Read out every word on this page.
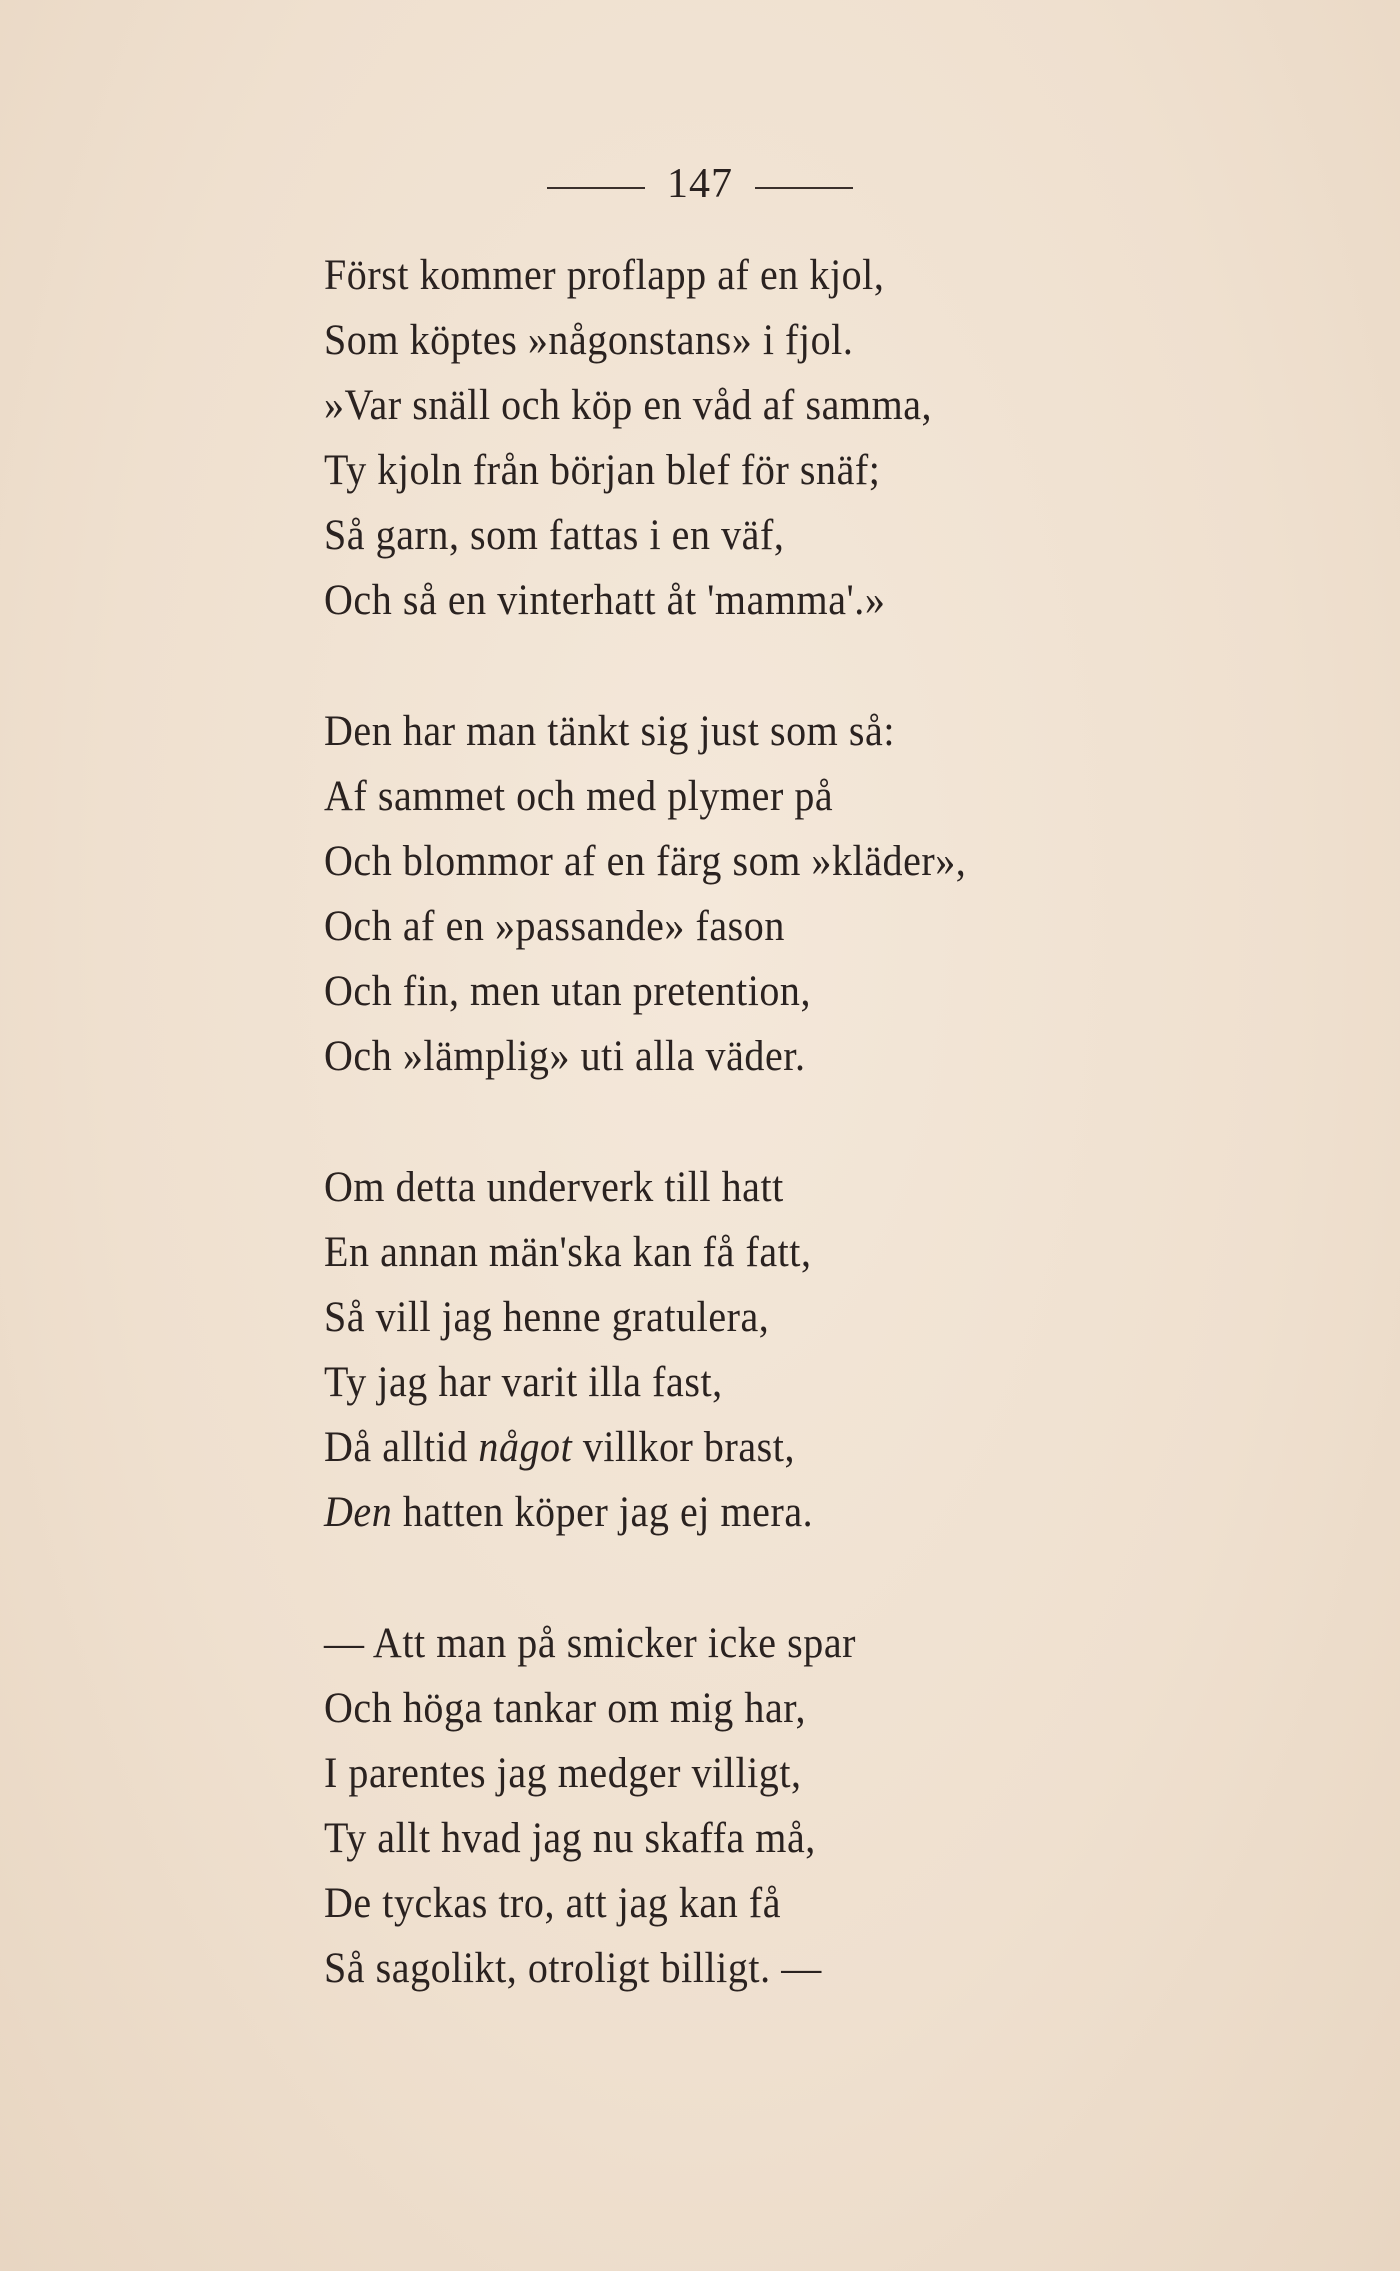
147
Först kommer proflapp af en kjol,
Som köptes »någonstans» i fjol.
»Var snäll och köp en våd af samma,
Ty kjoln från början blef för snäf;
Så garn, som fattas i en väf,
Och så en vinterhatt åt 'mamma'.»
Den har man tänkt sig just som så:
Af sammet och med plymer på
Och blommor af en färg som »kläder»,
Och af en »passande» fason
Och fin, men utan pretention,
Och »lämplig» uti alla väder.
Om detta underverk till hatt
En annan män'ska kan få fatt,
Så vill jag henne gratulera,
Ty jag har varit illa fast,
Då alltid något villkor brast,
Den hatten köper jag ej mera.
— Att man på smicker icke spar
Och höga tankar om mig har,
I parentes jag medger villigt,
Ty allt hvad jag nu skaffa må,
De tyckas tro, att jag kan få
Så sagolikt, otroligt billigt. —
